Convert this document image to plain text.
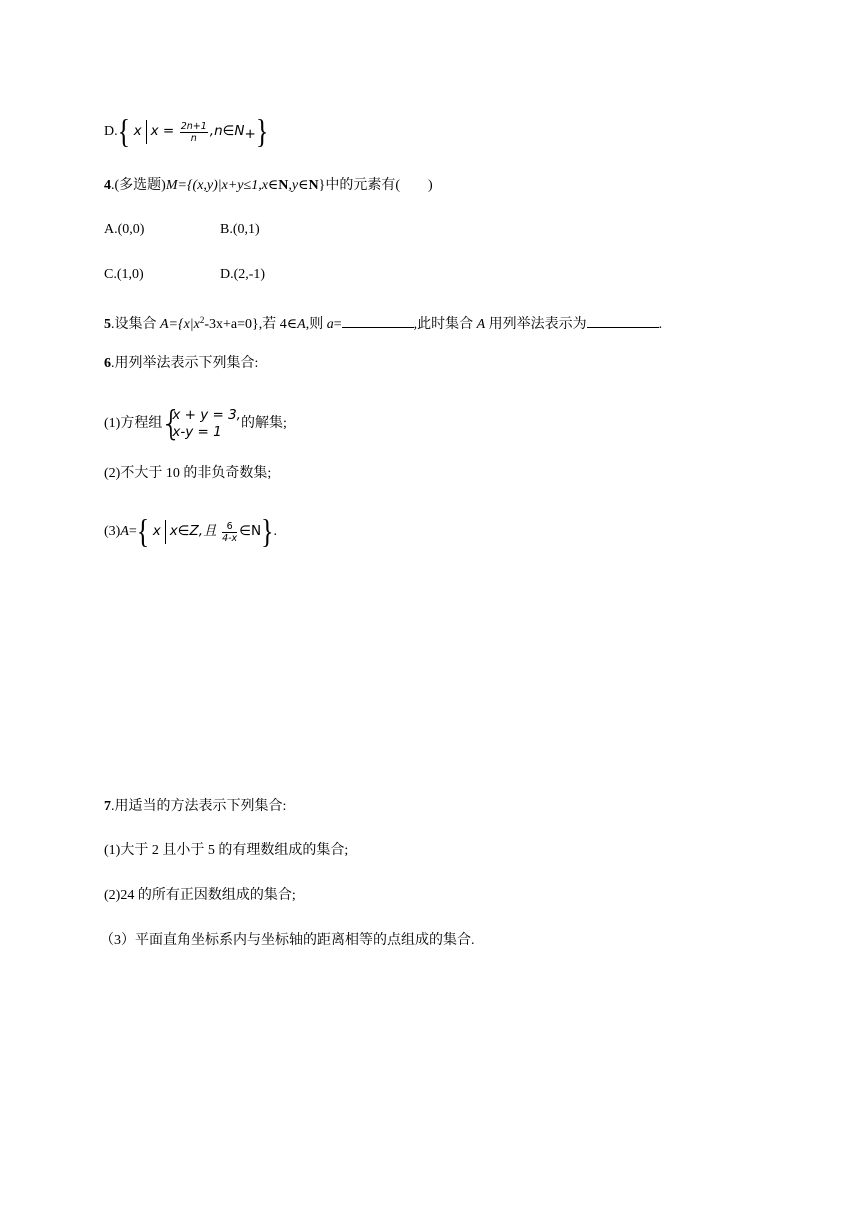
D.{ x $x = \frac{2n+1}{n}$ $,n\in N_+$}
4.(多选题)M={(x,y)|x+y≤1,x∈N,y∈N}中的元素有(　　)
A.(0,0)	B.(0,1)
C.(1,0)	D.(2,-1)
5.设集合 $A=\{x|x^2-3x+a=0\}$,若 4∈A,则 a=	,此时集合 A 用列举法表示为	.
6.用列举法表示下列集合:
(1)方程组
{
x + y = 3,
x-y = 1
的解集;
(2)不大于 10 的非负奇数集;
(3)A={ x x∈Z,且 $\frac{6}{4-x}$ ∈N}.
7.用适当的方法表示下列集合:
(1)大于 2 且小于 5 的有理数组成的集合;
(2)24 的所有正因数组成的集合;
（3）平面直角坐标系内与坐标轴的距离相等的点组成的集合.
